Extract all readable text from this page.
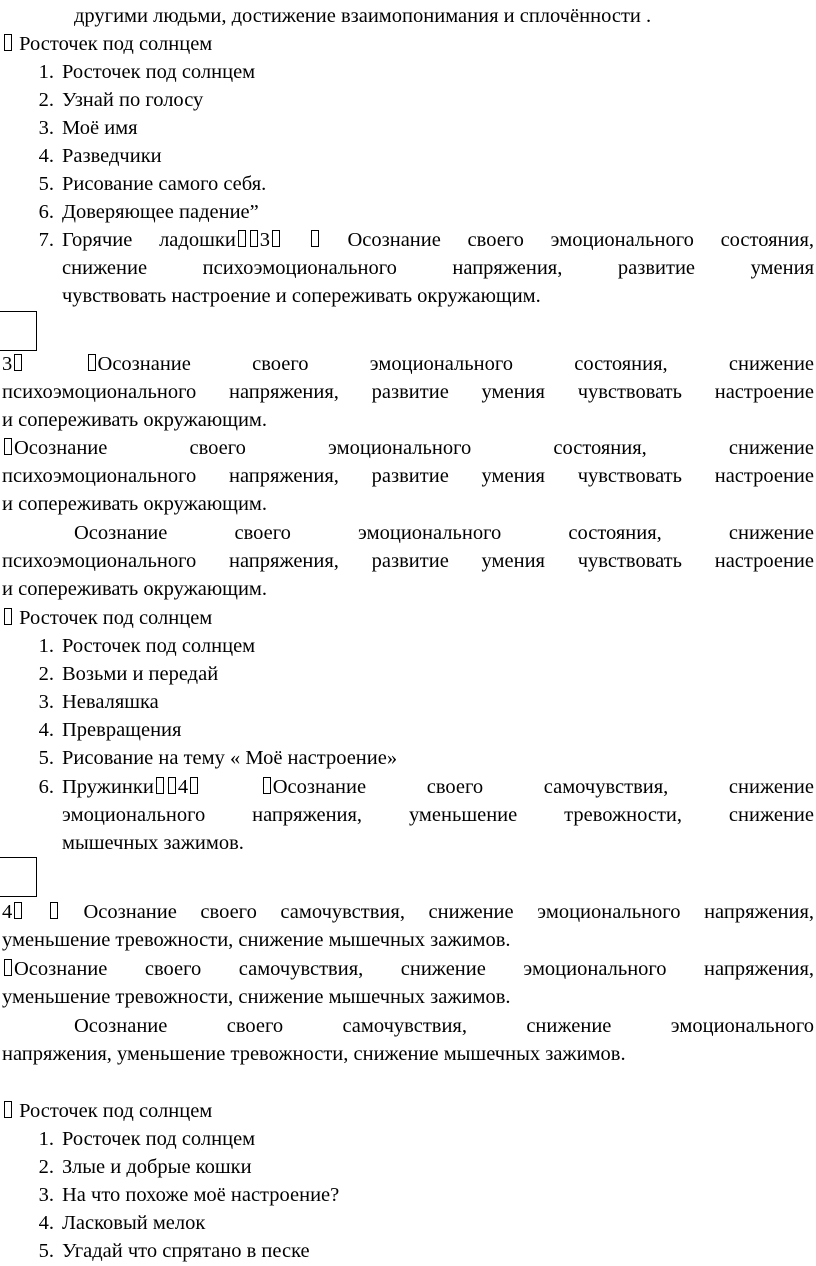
другими людьми, достижение взаимопонимания и сплочённости .
Росточек под солнцем
1. Росточек под солнцем
2. Узнай по голосу
3. Моё имя
4. Разведчики
5. Рисование самого себя.
6. Доверяющее падение”
7. Горячие ладошки 3	Осознание своего эмоционального состояния,
снижение психоэмоционального напряжения, развитие умения
чувствовать настроение и сопереживать окружающим.
3	Осознание своего эмоционального состояния, снижение
психоэмоционального напряжения, развитие умения чувствовать настроение
и сопереживать окружающим.
Осознание своего эмоционального состояния, снижение
психоэмоционального напряжения, развитие умения чувствовать настроение
и сопереживать окружающим.
Осознание своего эмоционального состояния, снижение
психоэмоционального напряжения, развитие умения чувствовать настроение
и сопереживать окружающим.
Росточек под солнцем
1. Росточек под солнцем
2. Возьми и передай
3. Неваляшка
4. Превращения
5. Рисование на тему « Моё настроение»
6. Пружинки 4	Осознание своего самочувствия, снижение
эмоционального напряжения, уменьшение тревожности, снижение
мышечных зажимов.
4	Осознание своего самочувствия, снижение эмоционального напряжения,
уменьшение тревожности, снижение мышечных зажимов.
Осознание своего самочувствия, снижение эмоционального напряжения,
уменьшение тревожности, снижение мышечных зажимов.
Осознание своего самочувствия, снижение эмоционального
напряжения, уменьшение тревожности, снижение мышечных зажимов.
Росточек под солнцем
1. Росточек под солнцем
2. Злые и добрые кошки
3. На что похоже моё настроение?
4. Ласковый мелок
5. Угадай что спрятано в песке
